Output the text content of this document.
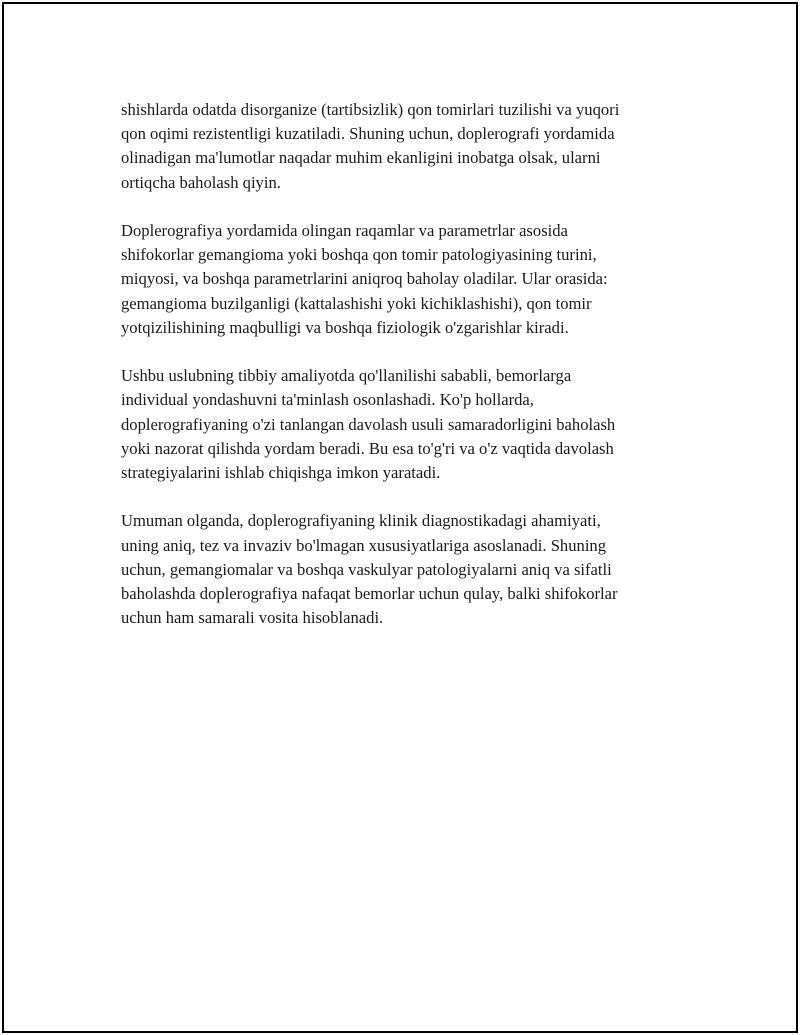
shishlarda odatda disorganize (tartibsizlik) qon tomirlari tuzilishi va yuqori
qon oqimi rezistentligi kuzatiladi. Shuning uchun, doplerografi yordamida
olinadigan ma'lumotlar naqadar muhim ekanligini inobatga olsak, ularni
ortiqcha baholash qiyin.

Doplerografiya yordamida olingan raqamlar va parametrlar asosida
shifokorlar gemangioma yoki boshqa qon tomir patologiyasining turini,
miqyosi, va boshqa parametrlarini aniqroq baholay oladilar. Ular orasida:
gemangioma buzilganligi (kattalashishi yoki kichiklashishi), qon tomir
yotqizilishining maqbulligi va boshqa fiziologik o'zgarishlar kiradi.

Ushbu uslubning tibbiy amaliyotda qo'llanilishi sababli, bemorlarga
individual yondashuvni ta'minlash osonlashadi. Ko'p hollarda,
doplerografiyaning o'zi tanlangan davolash usuli samaradorligini baholash
yoki nazorat qilishda yordam beradi. Bu esa to'g'ri va o'z vaqtida davolash
strategiyalarini ishlab chiqishga imkon yaratadi.

Umuman olganda, doplerografiyaning klinik diagnostikadagi ahamiyati,
uning aniq, tez va invaziv bo'lmagan xususiyatlariga asoslanadi. Shuning
uchun, gemangiomalar va boshqa vaskulyar patologiyalarni aniq va sifatli
baholashda doplerografiya nafaqat bemorlar uchun qulay, balki shifokorlar
uchun ham samarali vosita hisoblanadi.
